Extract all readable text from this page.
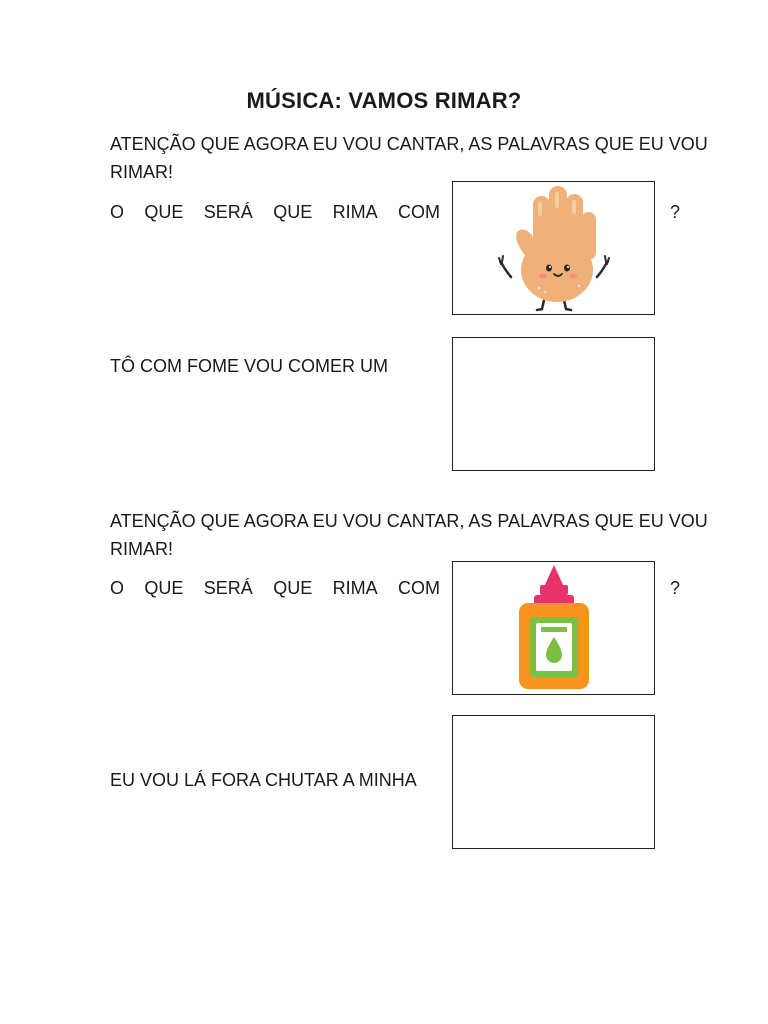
MÚSICA: VAMOS RIMAR?
ATENÇÃO QUE AGORA EU VOU CANTAR, AS PALAVRAS QUE EU VOU RIMAR!
O QUE SERÁ QUE RIMA COM	?
TÔ COM FOME VOU COMER UM
ATENÇÃO QUE AGORA EU VOU CANTAR, AS PALAVRAS QUE EU VOU RIMAR!
O QUE SERÁ QUE RIMA COM	?
EU VOU LÁ FORA CHUTAR A MINHA
